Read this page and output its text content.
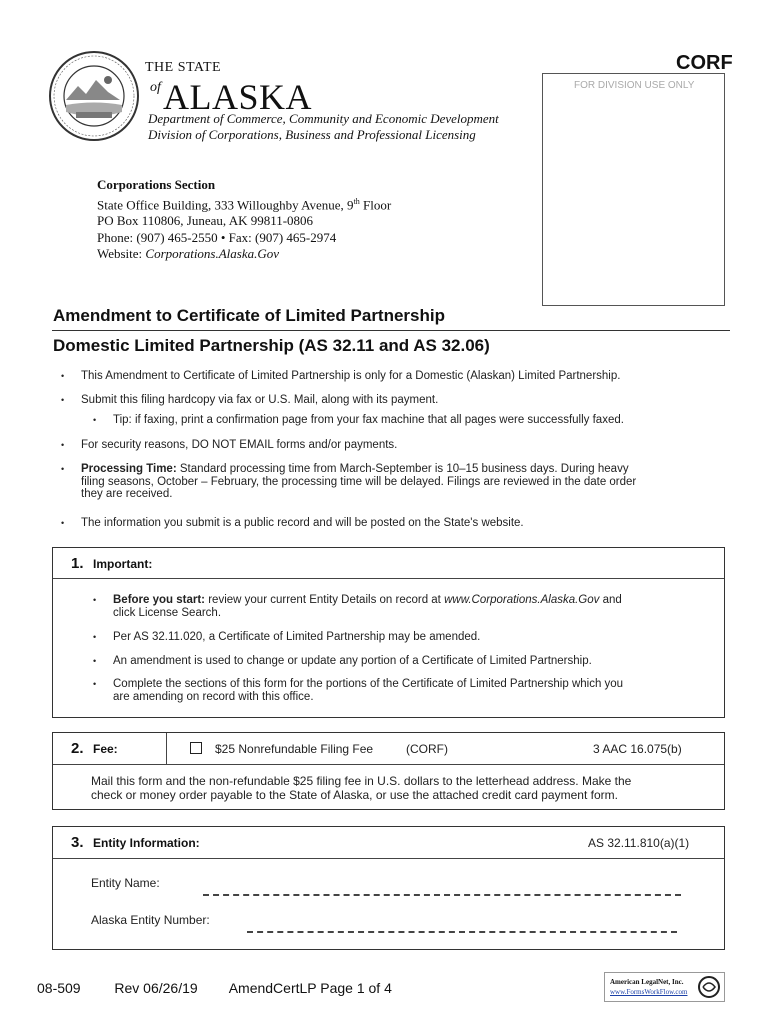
THE STATE
of ALASKA
Department of Commerce, Community and Economic Development
Division of Corporations, Business and Professional Licensing
CORF
FOR DIVISION USE ONLY
Corporations Section
State Office Building, 333 Willoughby Avenue, 9th Floor
PO Box 110806, Juneau, AK 99811-0806
Phone: (907) 465-2550 • Fax: (907) 465-2974
Website: Corporations.Alaska.Gov
Amendment to Certificate of Limited Partnership
Domestic Limited Partnership (AS 32.11 and AS 32.06)
• This Amendment to Certificate of Limited Partnership is only for a Domestic (Alaskan) Limited Partnership.
• Submit this filing hardcopy via fax or U.S. Mail, along with its payment.
• Tip: if faxing, print a confirmation page from your fax machine that all pages were successfully faxed.
• For security reasons, DO NOT EMAIL forms and/or payments.
• Processing Time: Standard processing time from March-September is 10–15 business days. During heavy
filing seasons, October – February, the processing time will be delayed. Filings are reviewed in the date order
they are received.
• The information you submit is a public record and will be posted on the State's website.
1. Important:
• Before you start: review your current Entity Details on record at www.Corporations.Alaska.Gov and
click License Search.
• Per AS 32.11.020, a Certificate of Limited Partnership may be amended.
• An amendment is used to change or update any portion of a Certificate of Limited Partnership.
• Complete the sections of this form for the portions of the Certificate of Limited Partnership which you
are amending on record with this office.
2. Fee:	$25 Nonrefundable Filing Fee	(CORF)	3 AAC 16.075(b)
Mail this form and the non-refundable $25 filing fee in U.S. dollars to the letterhead address. Make the
check or money order payable to the State of Alaska, or use the attached credit card payment form.
3. Entity Information:	AS 32.11.810(a)(1)
Entity Name:
Alaska Entity Number:
08-509 Rev 06/26/19 AmendCertLP Page 1 of 4	American LegalNet, Inc.
www.FormsWorkFlow.com
